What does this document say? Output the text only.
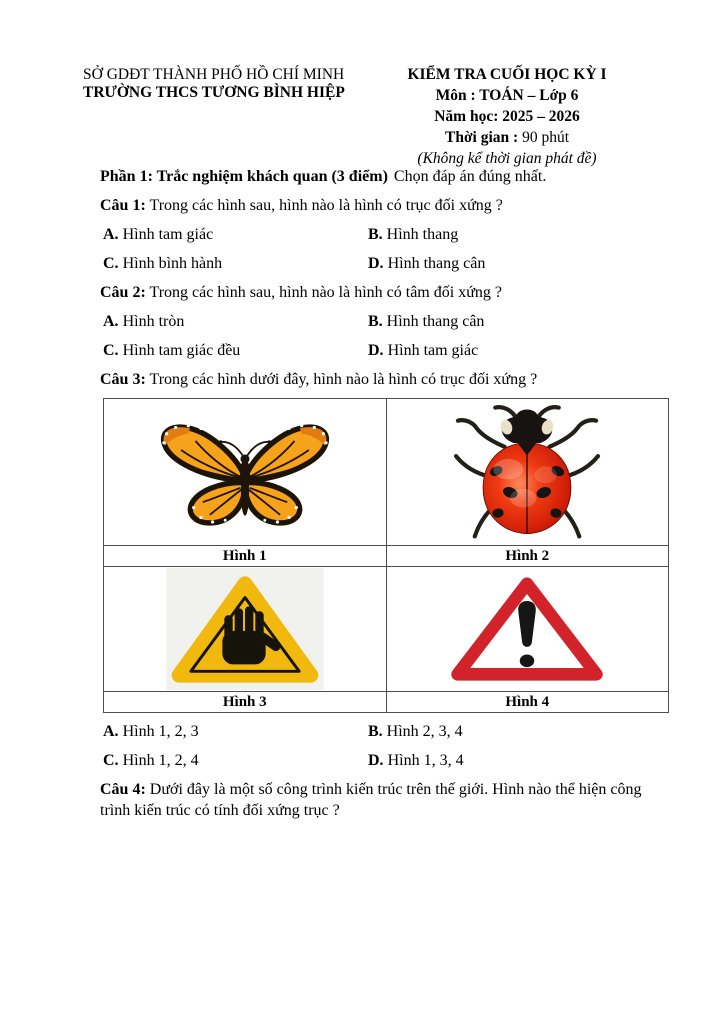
SỞ GDĐT THÀNH PHỐ HỒ CHÍ MINH
TRƯỜNG THCS TƯƠNG BÌNH HIỆP
KIỂM TRA CUỐI HỌC KỲ I
Môn : TOÁN – Lớp 6
Năm học: 2025 – 2026
Thời gian : 90 phút
(Không kể thời gian phát đề)

Phần 1: Trắc nghiệm khách quan (3 điểm) Chọn đáp án đúng nhất.

Câu 1: Trong các hình sau, hình nào là hình có trục đối xứng ?

A. Hình tam giác	B. Hình thang
C. Hình bình hành	D. Hình thang cân

Câu 2: Trong các hình sau, hình nào là hình có tâm đối xứng ?

A. Hình tròn	B. Hình thang cân
C. Hình tam giác đều	D. Hình tam giác

Câu 3: Trong các hình dưới đây, hình nào là hình có trục đối xứng ?

Hình 1	Hình 2

Hình 3	Hình 4
A. Hình 1, 2, 3	B. Hình 2, 3, 4
C. Hình 1, 2, 4	D. Hình 1, 3, 4

Câu 4: Dưới đây là một số công trình kiến trúc trên thế giới. Hình nào thể hiện công trình kiến trúc có tính đối xứng trục ?
